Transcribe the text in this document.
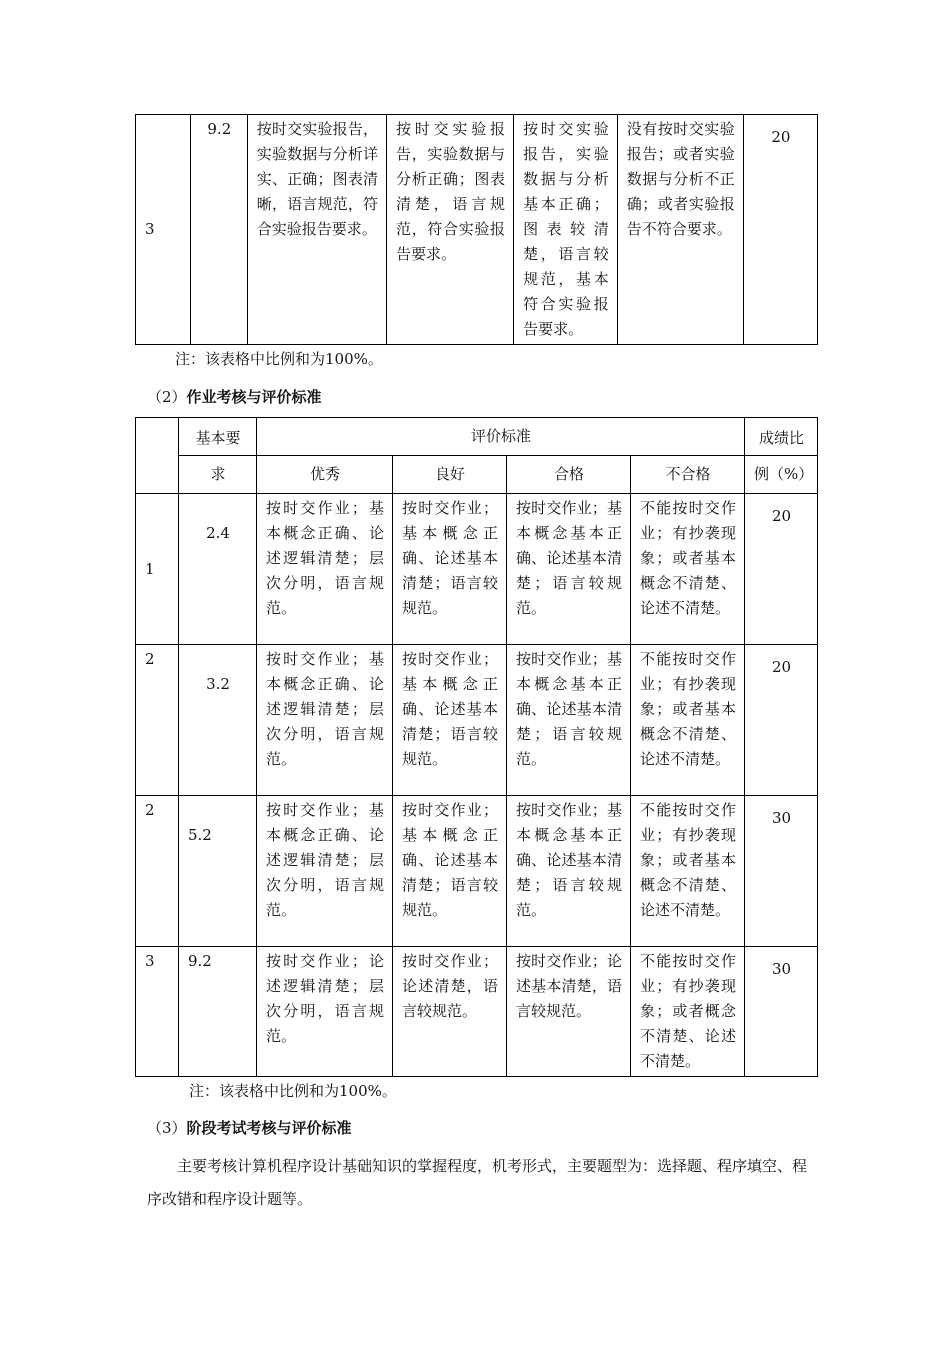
3	9.2	按时交实验报告，实验数据与分析详实、正确；图表清晰，语言规范，符合实验报告要求。	按时交实验报告，实验数据与分析正确；图表清楚，语言规范，符合实验报告要求。	按时交实验报告，实验数据与分析基本正确；图表较清楚，语言较规范，基本符合实验报告要求。	没有按时交实验报告；或者实验数据与分析不正确；或者实验报告不符合要求。	20
注：该表格中比例和为100%。
（2）作业考核与评价标准
	基本要	评价标准				成绩比
	求	优秀	良好	合格	不合格	例（%）
1	2.4	按时交作业；基本概念正确、论述逻辑清楚；层次分明，语言规范。	按时交作业；基本概念正确、论述基本清楚；语言较规范。	按时交作业；基本概念基本正确、论述基本清楚；语言较规范。	不能按时交作业；有抄袭现象；或者基本概念不清楚、论述不清楚。	20
2	3.2	按时交作业；基本概念正确、论述逻辑清楚；层次分明，语言规范。	按时交作业；基本概念正确、论述基本清楚；语言较规范。	按时交作业；基本概念基本正确、论述基本清楚；语言较规范。	不能按时交作业；有抄袭现象；或者基本概念不清楚、论述不清楚。	20
2	5.2	按时交作业；基本概念正确、论述逻辑清楚；层次分明，语言规范。	按时交作业；基本概念正确、论述基本清楚；语言较规范。	按时交作业；基本概念基本正确、论述基本清楚；语言较规范。	不能按时交作业；有抄袭现象；或者基本概念不清楚、论述不清楚。	30
3	9.2	按时交作业；论述逻辑清楚；层次分明，语言规范。	按时交作业；论述清楚，语言较规范。	按时交作业；论述基本清楚，语言较规范。	不能按时交作业；有抄袭现象；或者概念不清楚、论述不清楚。	30
注：该表格中比例和为100%。
（3）阶段考试考核与评价标准
主要考核计算机程序设计基础知识的掌握程度，机考形式，主要题型为：选择题、程序填空、程序改错和程序设计题等。
